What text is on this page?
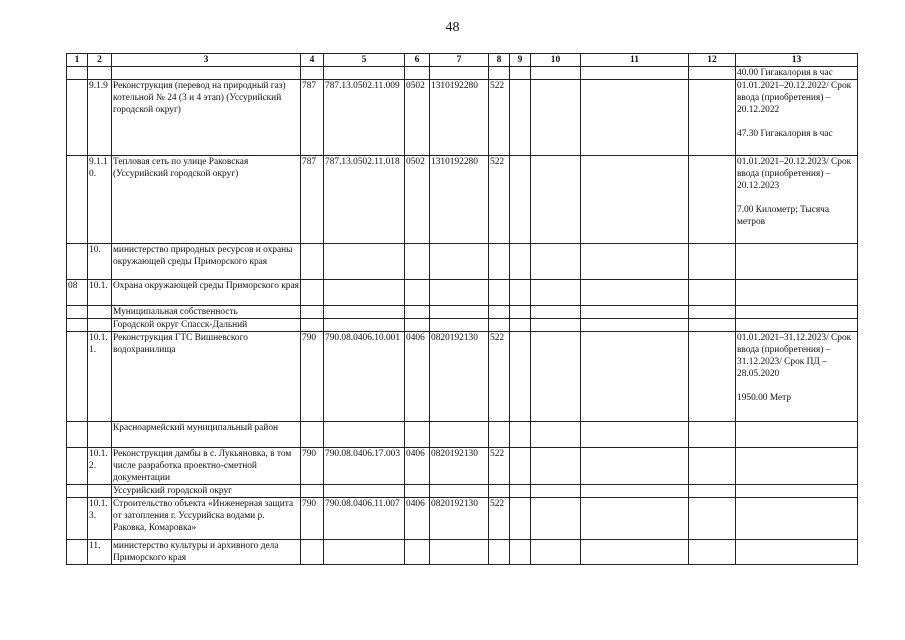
48
1	2	3	4	5	6	7	8	9	10	11	12	13
												40.00 Гигакалория в час
	9.1.9	Реконструкция (перевод на природный газ) котельной № 24 (3 и 4 этап) (Уссурийский городской округ)	787	787.13.0502.11.009	0502	1310192280	522					01.01.2021–20.12.2022/ Срок ввода (приобретения) – 20.12.2022

47.30 Гигакалория в час
	9.1.1 0.	Тепловая сеть по улице Раковская (Уссурийский городской округ)	787	787.13.0502.11.018	0502	1310192280	522					01.01.2021–20.12.2023/ Срок ввода (приобретения) – 20.12.2023

7.00 Километр; Тысяча метров
	10.	министерство природных ресурсов и охраны окружающей среды Приморского края										
08	10.1.	Охрана окружающей среды Приморского края										
		Муниципальная собственность										
		Городской округ Спасск-Дальний										
	10.1. 1.	Реконструкция ГТС Вишневского водохранилища	790	790.08.0406.10.001	0406	0820192130	522					01.01.2021–31.12.2023/ Срок ввода (приобретения) – 31.12.2023/ Срок ПД – 28.05.2020

1950.00 Метр
		Красноармейский муниципальный район										
	10.1. 2.	Реконструкция дамбы в с. Лукьяновка, в том числе разработка проектно-сметной документации	790	790.08.0406.17.003	0406	0820192130	522					
		Уссурийский городской округ										
	10.1. 3.	Строительство объекта «Инженерная защита от затопления г. Уссурийска водами р. Раковка, Комаровка»	790	790.08.0406.11.007	0406	0820192130	522					
	11.	министерство культуры и архивного дела Приморского края										
